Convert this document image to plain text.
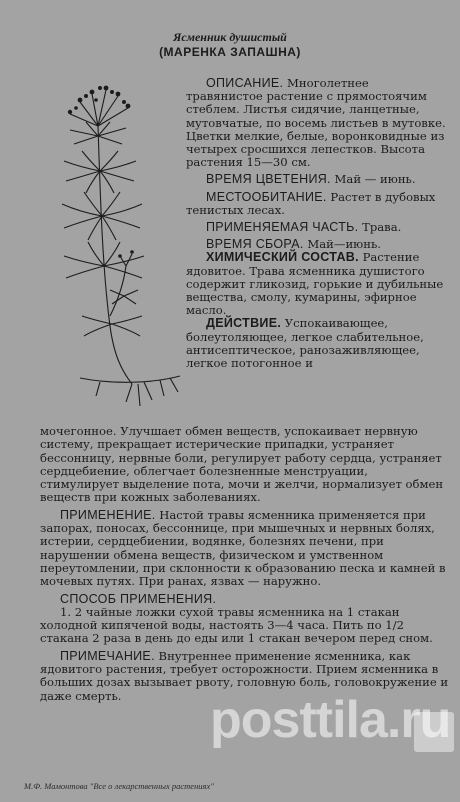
Ясменник душистый
(МАРЕНКА ЗАПАШНА)

ОПИСАНИЕ. Многолетнее травянистое растение с прямостоячим стеблем. Листья сидячие, ланцетные, мутовчатые, по восемь листьев в мутовке. Цветки мелкие, белые, воронковидные из четырех сросшихся лепестков. Высота растения 15—30 см.

ВРЕМЯ ЦВЕТЕНИЯ. Май — июнь.

МЕСТООБИТАНИЕ. Растет в дубовых тенистых лесах.

ПРИМЕНЯЕМАЯ ЧАСТЬ. Трава.

ВРЕМЯ СБОРА. Май—июнь.

ХИМИЧЕСКИЙ СОСТАВ. Растение ядовитое. Трава ясменника душистого содержит гликозид, горькие и дубильные вещества, смолу, кумарины, эфирное масло.

ДЕЙСТВИЕ. Успокаивающее, болеутоляющее, легкое слабительное, антисептическое, ранозаживляющее, легкое потогонное и

мочегонное. Улучшает обмен веществ, успокаивает нервную систему, прекращает истерические припадки, устраняет бессонницу, нервные боли, регулирует работу сердца, устраняет сердцебиение, облегчает болезненные менструации, стимулирует выделение пота, мочи и желчи, нормализует обмен веществ при кожных заболеваниях.

ПРИМЕНЕНИЕ. Настой травы ясменника применяется при запорах, поносах, бессоннице, при мышечных и нервных болях, истерии, сердцебиении, водянке, болезнях печени, при нарушении обмена веществ, физическом и умственном переутомлении, при склонности к образованию песка и камней в мочевых путях. При ранах, язвах — наружно.

СПОСОБ ПРИМЕНЕНИЯ.

1. 2 чайные ложки сухой травы ясменника на 1 стакан холодной кипяченой воды, настоять 3—4 часа. Пить по 1/2 стакана 2 раза в день до еды или 1 стакан вечером перед сном.

ПРИМЕЧАНИЕ. Внутреннее применение ясменника, как ядовитого растения, требует осторожности. Прием ясменника в больших дозах вызывает рвоту, головную боль, головокружение и даже смерть.	posttila.ru
М.Ф. Мамонтова "Все о лекарственных растениях"
